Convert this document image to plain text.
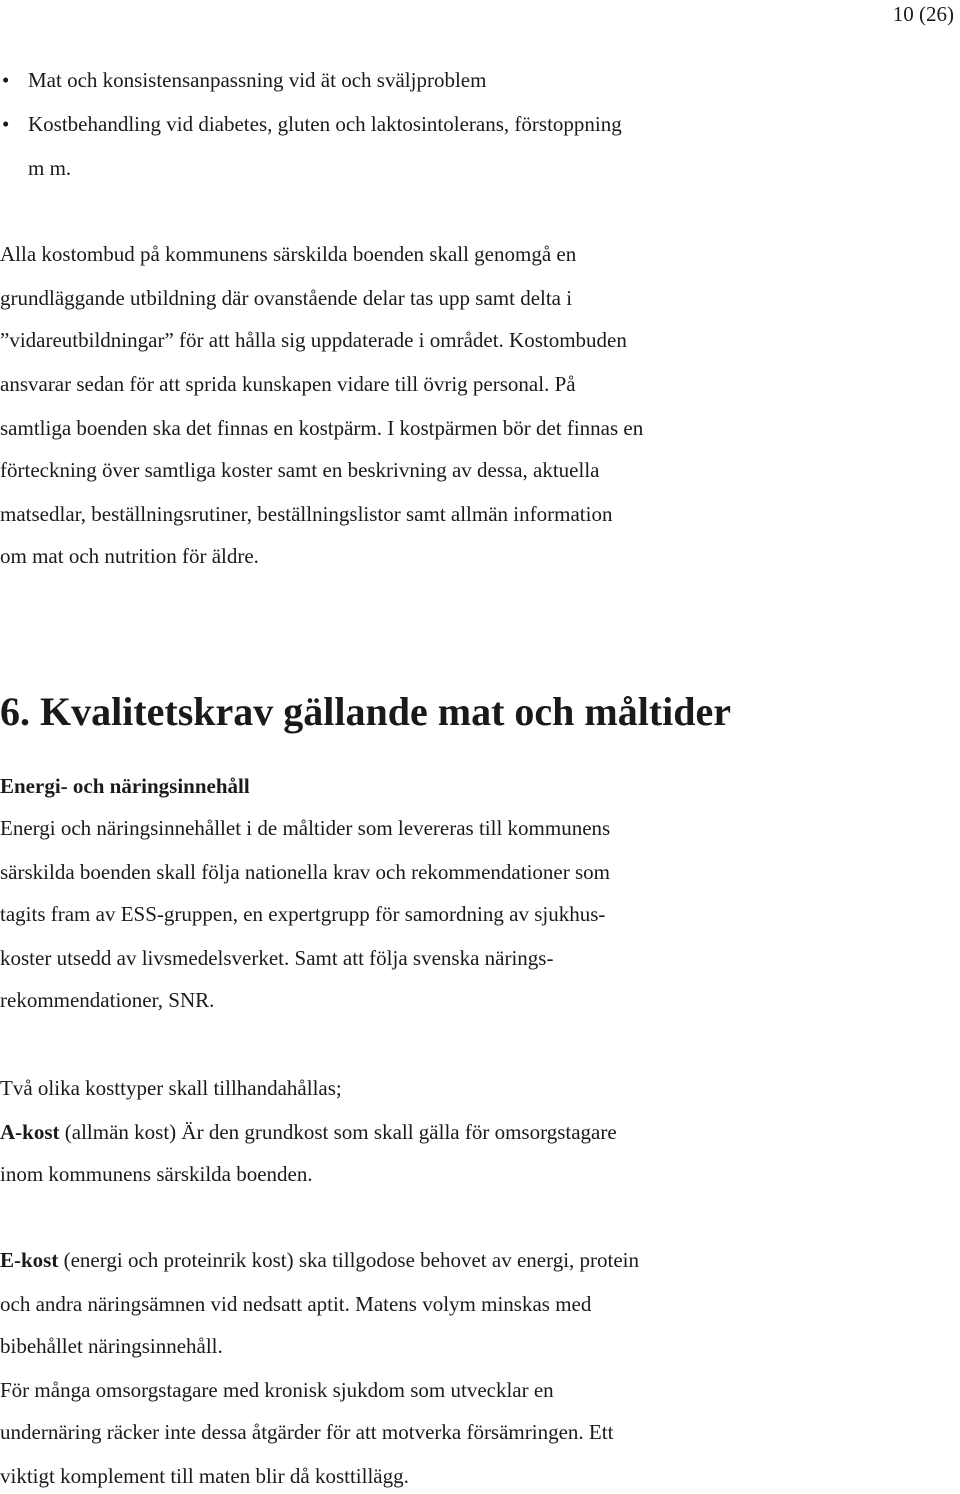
10 (26)
• Mat och konsistensanpassning vid ät och sväljproblem
• Kostbehandling vid diabetes, gluten och laktosintolerans, förstoppning
m m.
Alla kostombud på kommunens särskilda boenden skall genomgå en
grundläggande utbildning där ovanstående delar tas upp samt delta i
”vidareutbildningar” för att hålla sig uppdaterade i området. Kostombuden
ansvarar sedan för att sprida kunskapen vidare till övrig personal. På
samtliga boenden ska det finnas en kostpärm. I kostpärmen bör det finnas en
förteckning över samtliga koster samt en beskrivning av dessa, aktuella
matsedlar, beställningsrutiner, beställningslistor samt allmän information
om mat och nutrition för äldre.
6. Kvalitetskrav gällande mat och måltider
Energi- och näringsinnehåll
Energi och näringsinnehållet i de måltider som levereras till kommunens
särskilda boenden skall följa nationella krav och rekommendationer som
tagits fram av ESS-gruppen, en expertgrupp för samordning av sjukhus-
koster utsedd av livsmedelsverket. Samt att följa svenska närings-
rekommendationer, SNR.
Två olika kosttyper skall tillhandahållas;
A-kost (allmän kost) Är den grundkost som skall gälla för omsorgstagare
inom kommunens särskilda boenden.
E-kost (energi och proteinrik kost) ska tillgodose behovet av energi, protein
och andra näringsämnen vid nedsatt aptit. Matens volym minskas med
bibehållet näringsinnehåll.
För många omsorgstagare med kronisk sjukdom som utvecklar en
undernäring räcker inte dessa åtgärder för att motverka försämringen. Ett
viktigt komplement till maten blir då kosttillägg.
